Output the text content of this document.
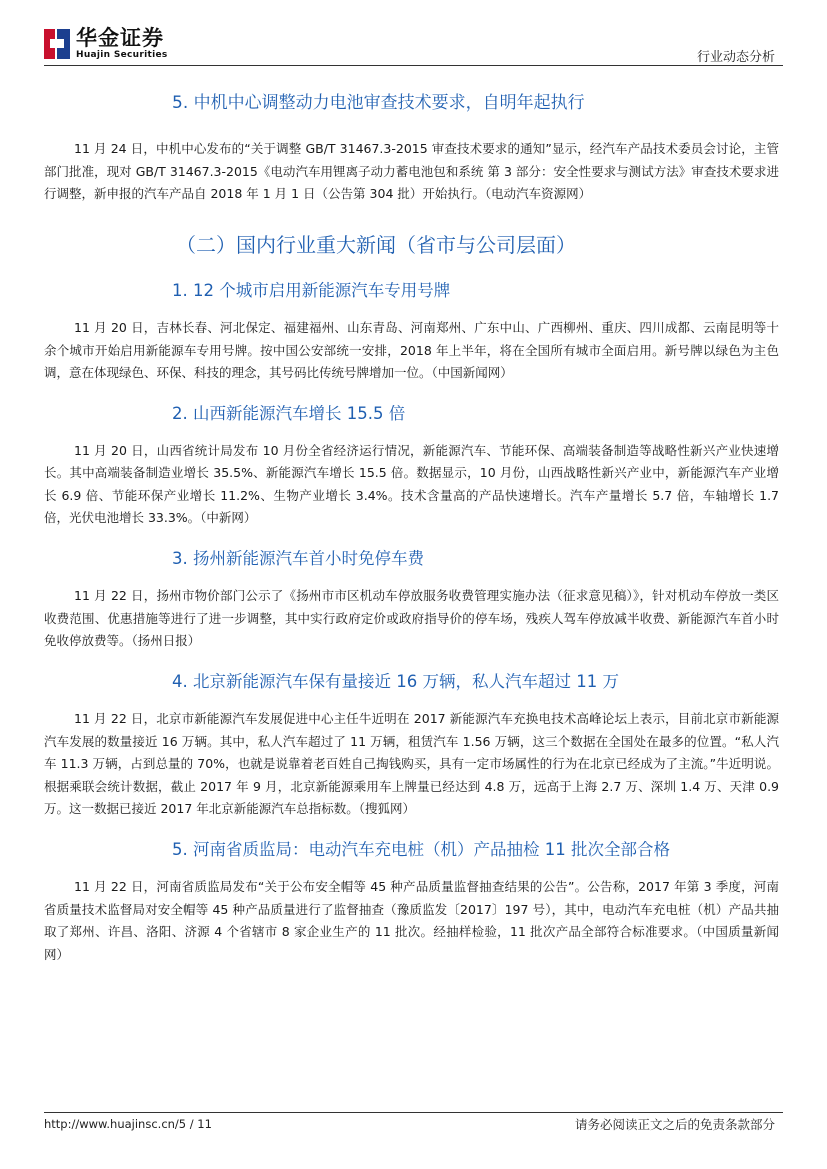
华金证券
Huajin Securities	行业动态分析
5. 中机中心调整动力电池审查技术要求，自明年起执行

11 月 24 日，中机中心发布的“关于调整 GB/T 31467.3-2015 审查技术要求的通知”显示，经汽车产品技术委员会讨论，主管部门批准，现对 GB/T 31467.3-2015《电动汽车用锂离子动力蓄电池包和系统 第 3 部分：安全性要求与测试方法》审查技术要求进行调整，新申报的汽车产品自 2018 年 1 月 1 日（公告第 304 批）开始执行。（电动汽车资源网）

（二）国内行业重大新闻（省市与公司层面）
1. 12 个城市启用新能源汽车专用号牌

11 月 20 日，吉林长春、河北保定、福建福州、山东青岛、河南郑州、广东中山、广西柳州、重庆、四川成都、云南昆明等十余个城市开始启用新能源车专用号牌。按中国公安部统一安排，2018 年上半年，将在全国所有城市全面启用。新号牌以绿色为主色调，意在体现绿色、环保、科技的理念，其号码比传统号牌增加一位。（中国新闻网）

2. 山西新能源汽车增长 15.5 倍

11 月 20 日，山西省统计局发布 10 月份全省经济运行情况，新能源汽车、节能环保、高端装备制造等战略性新兴产业快速增长。其中高端装备制造业增长 35.5%、新能源汽车增长 15.5 倍。数据显示，10 月份，山西战略性新兴产业中，新能源汽车产业增长 6.9 倍、节能环保产业增长 11.2%、生物产业增长 3.4%。技术含量高的产品快速增长。汽车产量增长 5.7 倍，车轴增长 1.7 倍，光伏电池增长 33.3%。（中新网）

3. 扬州新能源汽车首小时免停车费

11 月 22 日，扬州市物价部门公示了《扬州市市区机动车停放服务收费管理实施办法（征求意见稿）》，针对机动车停放一类区收费范围、优惠措施等进行了进一步调整，其中实行政府定价或政府指导价的停车场，残疾人驾车停放减半收费、新能源汽车首小时免收停放费等。（扬州日报）

4. 北京新能源汽车保有量接近 16 万辆，私人汽车超过 11 万

11 月 22 日，北京市新能源汽车发展促进中心主任牛近明在 2017 新能源汽车充换电技术高峰论坛上表示，目前北京市新能源汽车发展的数量接近 16 万辆。其中，私人汽车超过了 11 万辆，租赁汽车 1.56 万辆，这三个数据在全国处在最多的位置。“私人汽车 11.3 万辆，占到总量的 70%，也就是说靠着老百姓自己掏钱购买，具有一定市场属性的行为在北京已经成为了主流。”牛近明说。根据乘联会统计数据，截止 2017 年 9 月，北京新能源乘用车上牌量已经达到 4.8 万，远高于上海 2.7 万、深圳 1.4 万、天津 0.9 万。这一数据已接近 2017 年北京新能源汽车总指标数。（搜狐网）

5. 河南省质监局：电动汽车充电桩（机）产品抽检 11 批次全部合格

11 月 22 日，河南省质监局发布“关于公布安全帽等 45 种产品质量监督抽查结果的公告”。公告称，2017 年第 3 季度，河南省质量技术监督局对安全帽等 45 种产品质量进行了监督抽查（豫质监发〔2017〕197 号），其中，电动汽车充电桩（机）产品共抽取了郑州、许昌、洛阳、济源 4 个省辖市 8 家企业生产的 11 批次。经抽样检验，11 批次产品全部符合标准要求。（中国质量新闻网）

http://www.huajinsc.cn/5 / 11	请务必阅读正文之后的免责条款部分
